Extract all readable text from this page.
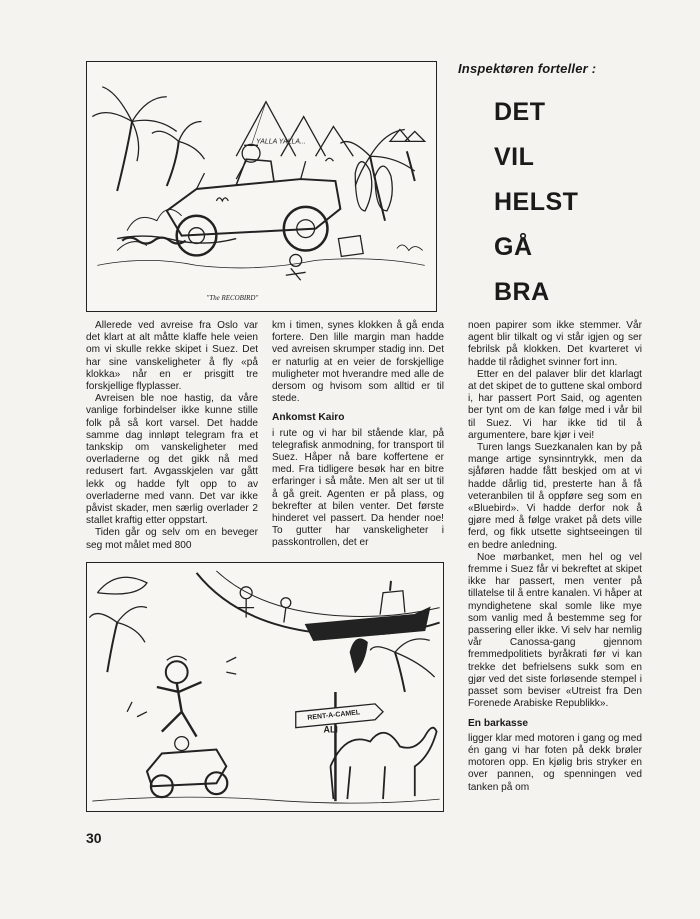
YALLA YALLA...
"The RECOBIRD"
Inspektøren forteller :
DET
VIL
HELST
GÅ
BRA

Allerede ved avreise fra Oslo var det klart at alt måtte klaffe hele veien om vi skulle rekke skipet i Suez. Det har sine vanskeligheter å fly «på klokka» når en er prisgitt tre forskjellige flyplasser.

Avreisen ble noe hastig, da våre vanlige forbindelser ikke kunne stille folk på så kort varsel. Det hadde samme dag innløpt telegram fra et tankskip om vanskeligheter med overladerne og det gikk nå med redusert fart. Avgasskjelen var gått lekk og hadde fylt opp to av overladerne med vann. Det var ikke påvist skader, men særlig overlader 2 stallet kraftig etter oppstart.

Tiden går og selv om en beveger seg mot målet med 800

km i timen, synes klokken å gå enda fortere. Den lille margin man hadde ved avreisen skrumper stadig inn. Det er naturlig at en veier de forskjellige muligheter mot hverandre med alle de dersom og hvisom som alltid er til stede.

Ankomst Kairo

i rute og vi har bil stående klar, på telegrafisk anmodning, for transport til Suez. Håper nå bare koffertene er med. Fra tidligere besøk har en bitre erfaringer i så måte. Men alt ser ut til å gå greit. Agenten er på plass, og bekrefter at bilen venter. Det første hinderet vel passert. Da hender noe! To gutter har vanskeligheter i passkontrollen, det er

noen papirer som ikke stemmer. Vår agent blir tilkalt og vi står igjen og ser febrilsk på klokken. Det kvarteret vi hadde til rådighet svinner fort inn.

Etter en del palaver blir det klarlagt at det skipet de to guttene skal ombord i, har passert Port Said, og agenten ber tynt om de kan følge med i vår bil til Suez. Vi har ikke tid til å argumentere, bare kjør i vei!

Turen langs Suezkanalen kan by på mange artige synsinntrykk, men da sjåføren hadde fått beskjed om at vi hadde dårlig tid, presterte han å få veteranbilen til å oppføre seg som en «Bluebird». Vi hadde derfor nok å gjøre med å følge vraket på dets ville ferd, og fikk utsette sightseeingen til en bedre anledning.

Noe mørbanket, men hel og vel fremme i Suez får vi bekreftet at skipet ikke har passert, men venter på tillatelse til å entre kanalen. Vi håper at myndighetene skal somle like mye som vanlig med å bestemme seg for passering eller ikke. Vi selv har nemlig vår Canossa-gang gjennom fremmedpolitiets byråkrati før vi kan trekke det befrielsens sukk som en gjør ved det siste forløsende stempel i passet som beviser «Utreist fra Den Forenede Arabiske Republikk».

En barkasse

ligger klar med motoren i gang og med én gang vi har foten på dekk brøler motoren opp. En kjølig bris stryker en over pannen, og spenningen ved tanken på om

RENT-A-CAMEL
ALI
30
